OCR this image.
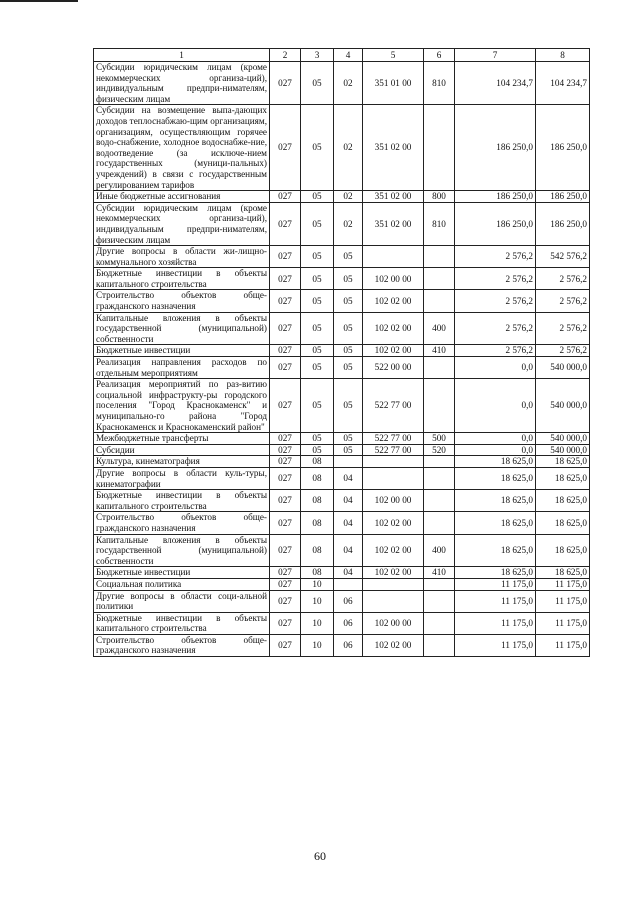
1	2	3	4	5	6	7	8
Субсидии юридическим лицам (кроме некоммерческих организа-ций), индивидуальным предпри-нимателям, физическим лицам	027	05	02	351 01 00	810	104 234,7	104 234,7
Субсидии на возмещение выпа-дающих доходов теплоснабжаю-щим организациям, организациям, осуществляющим горячее водо-снабжение, холодное водоснабже-ние, водоотведение (за исключе-нием государственных (муници-пальных) учреждений) в связи с государственным регулированием тарифов	027	05	02	351 02 00		186 250,0	186 250,0
Иные бюджетные ассигнования	027	05	02	351 02 00	800	186 250,0	186 250,0
Субсидии юридическим лицам (кроме некоммерческих организа-ций), индивидуальным предпри-нимателям, физическим лицам	027	05	02	351 02 00	810	186 250,0	186 250,0
Другие вопросы в области жи-лищно-коммунального хозяйства	027	05	05			2 576,2	542 576,2
Бюджетные инвестиции в объекты капитального строительства	027	05	05	102 00 00		2 576,2	2 576,2
Строительство объектов обще-гражданского назначения	027	05	05	102 02 00		2 576,2	2 576,2
Капитальные вложения в объекты государственной (муниципальной) собственности	027	05	05	102 02 00	400	2 576,2	2 576,2
Бюджетные инвестиции	027	05	05	102 02 00	410	2 576,2	2 576,2
Реализация направления расходов по отдельным мероприятиям	027	05	05	522 00 00		0,0	540 000,0
Реализация мероприятий по раз-витию социальной инфраструкту-ры городского поселения "Город Краснокаменск" и муниципально-го района "Город Краснокаменск и Краснокаменский район"	027	05	05	522 77 00		0,0	540 000,0
Межбюджетные трансферты	027	05	05	522 77 00	500	0,0	540 000,0
Субсидии	027	05	05	522 77 00	520	0,0	540 000,0
Культура, кинематография	027	08				18 625,0	18 625,0
Другие вопросы в области куль-туры, кинематографии	027	08	04			18 625,0	18 625,0
Бюджетные инвестиции в объекты капитального строительства	027	08	04	102 00 00		18 625,0	18 625,0
Строительство объектов обще-гражданского назначения	027	08	04	102 02 00		18 625,0	18 625,0
Капитальные вложения в объекты государственной (муниципальной) собственности	027	08	04	102 02 00	400	18 625,0	18 625,0
Бюджетные инвестиции	027	08	04	102 02 00	410	18 625,0	18 625,0
Социальная политика	027	10				11 175,0	11 175,0
Другие вопросы в области соци-альной политики	027	10	06			11 175,0	11 175,0
Бюджетные инвестиции в объекты капитального строительства	027	10	06	102 00 00		11 175,0	11 175,0
Строительство объектов обще-гражданского назначения	027	10	06	102 02 00		11 175,0	11 175,0
60
